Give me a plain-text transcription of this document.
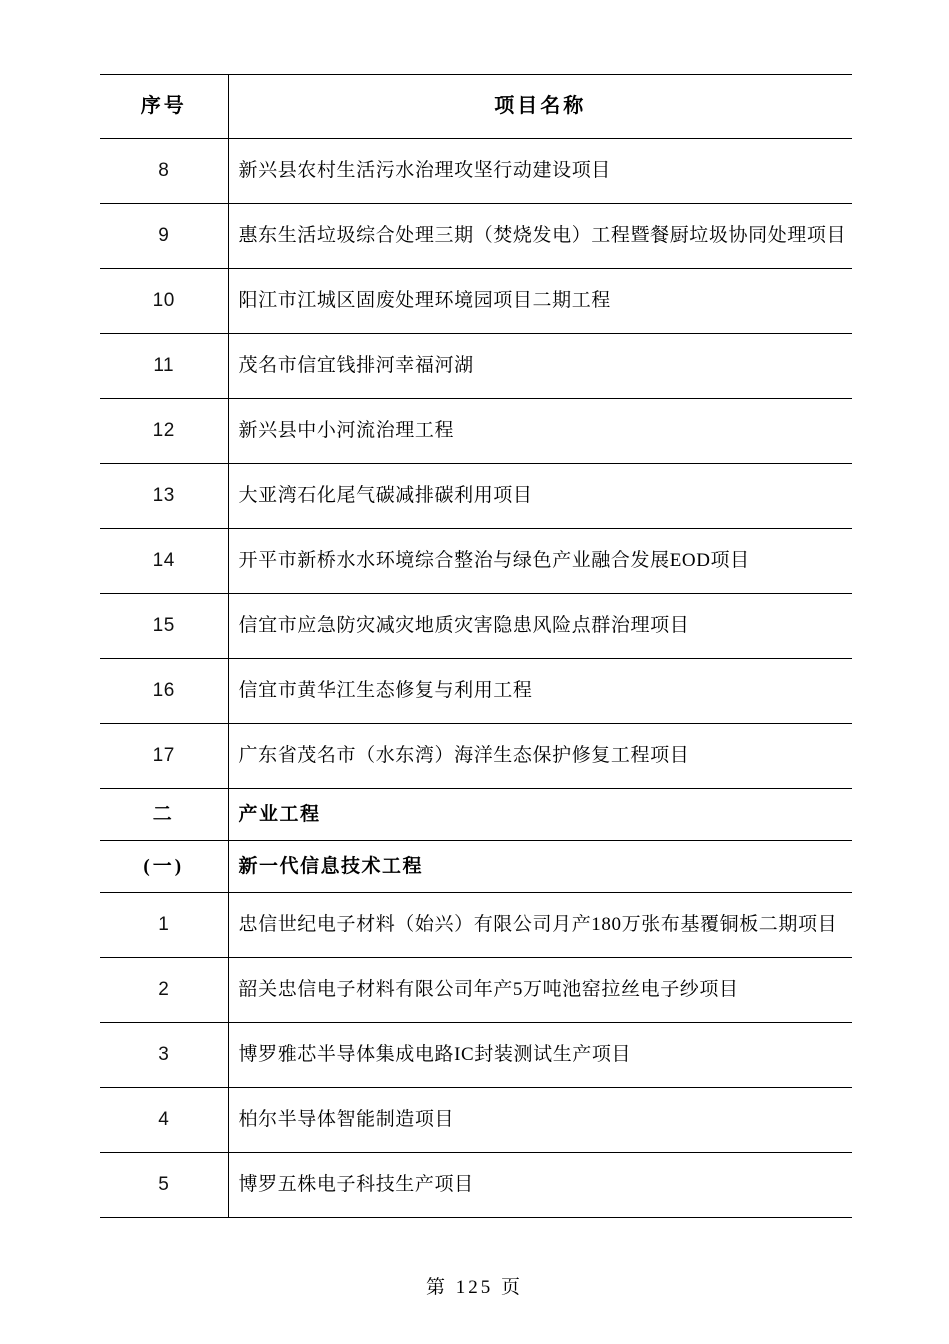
序号	项目名称
8	新兴县农村生活污水治理攻坚行动建设项目
9	惠东生活垃圾综合处理三期（焚烧发电）工程暨餐厨垃圾协同处理项目
10	阳江市江城区固废处理环境园项目二期工程
11	茂名市信宜钱排河幸福河湖
12	新兴县中小河流治理工程
13	大亚湾石化尾气碳减排碳利用项目
14	开平市新桥水水环境综合整治与绿色产业融合发展EOD项目
15	信宜市应急防灾减灾地质灾害隐患风险点群治理项目
16	信宜市黄华江生态修复与利用工程
17	广东省茂名市（水东湾）海洋生态保护修复工程项目
二	产业工程
(一)	新一代信息技术工程
1	忠信世纪电子材料（始兴）有限公司月产180万张布基覆铜板二期项目
2	韶关忠信电子材料有限公司年产5万吨池窑拉丝电子纱项目
3	博罗雅芯半导体集成电路IC封装测试生产项目
4	柏尔半导体智能制造项目
5	博罗五株电子科技生产项目
第 125 页
